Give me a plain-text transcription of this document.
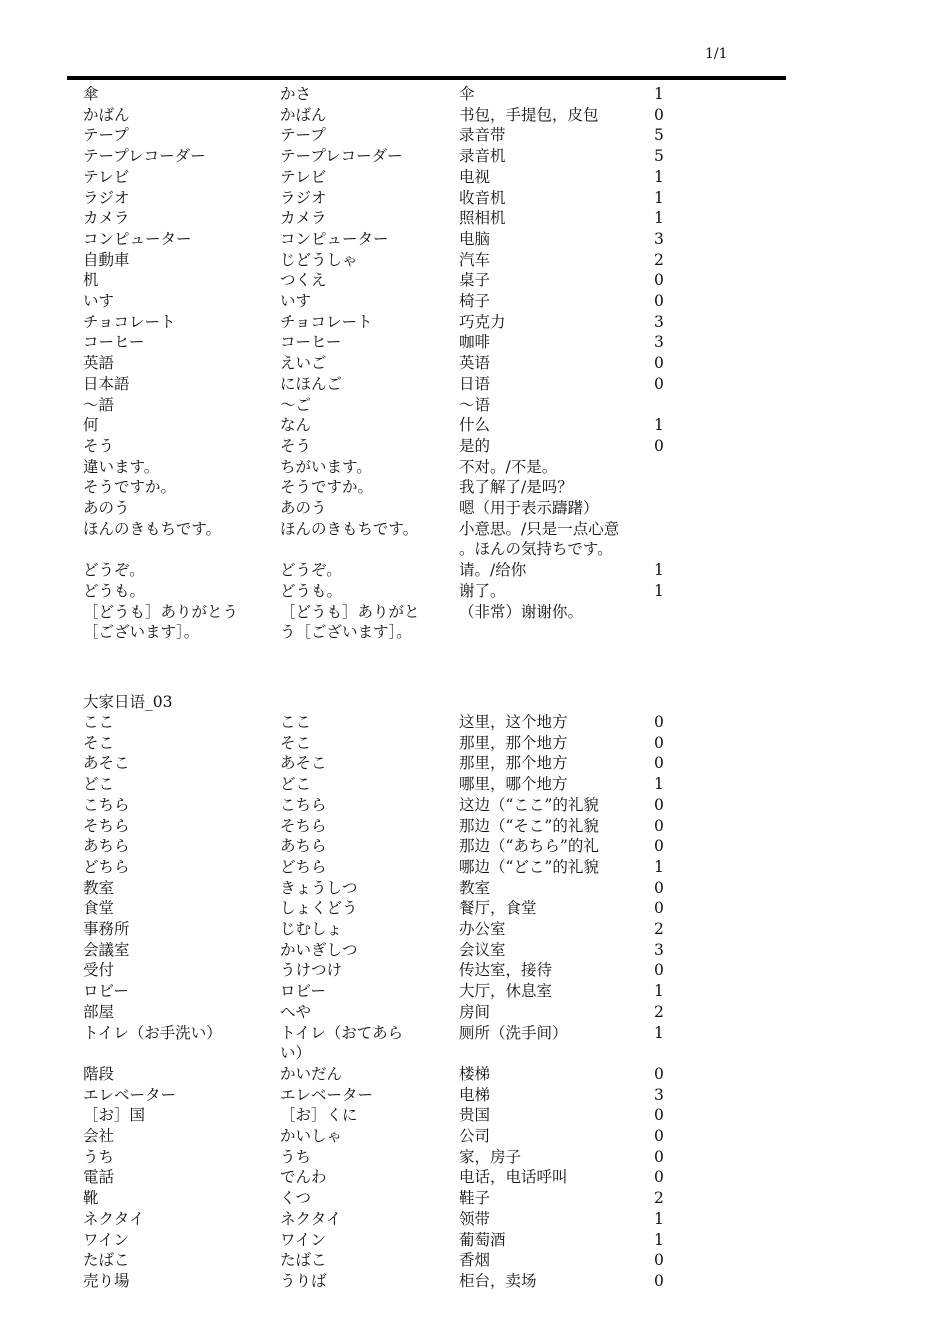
1/1
傘	かさ	伞	1
かばん	かばん	书包，手提包，皮包	0
テープ	テープ	录音带	5
テープレコーダー	テープレコーダー	录音机	5
テレビ	テレビ	电视	1
ラジオ	ラジオ	收音机	1
カメラ	カメラ	照相机	1
コンピューター	コンピューター	电脑	3
自動車	じどうしゃ	汽车	2
机	つくえ	桌子	0
いす	いす	椅子	0
チョコレート	チョコレート	巧克力	3
コーヒー	コーヒー	咖啡	3
英語	えいご	英语	0
日本語	にほんご	日语	0
～語	～ご	～语
何	なん	什么	1
そう	そう	是的	0
違います。	ちがいます。	不对。/不是。
そうですか。	そうですか。	我了解了/是吗？
あのう	あのう	嗯（用于表示躊躇）
ほんのきもちです。	ほんのきもちです。	小意思。/只是一点心意
。ほんの気持ちです。
どうぞ。	どうぞ。	请。/给你	1
どうも。	どうも。	谢了。	1
［どうも］ありがとう	［どうも］ありがと	（非常）谢谢你。
［ございます］。	う［ございます］。
ここ	ここ	这里，这个地方	0
そこ	そこ	那里，那个地方	0
あそこ	あそこ	那里，那个地方	0
どこ	どこ	哪里，哪个地方	1
こちら	こちら	这边（“ここ”的礼貌	0
そちら	そちら	那边（“そこ”的礼貌	0
あちら	あちら	那边（“あちら”的礼	0
どちら	どちら	哪边（“どこ”的礼貌	1
教室	きょうしつ	教室	0
食堂	しょくどう	餐厅，食堂	0
事務所	じむしょ	办公室	2
会議室	かいぎしつ	会议室	3
受付	うけつけ	传达室，接待	0
ロビー	ロビー	大厅，休息室	1
部屋	へや	房间	2
トイレ（お手洗い）	トイレ（おてあら	厕所（洗手间）	1
い）
階段	かいだん	楼梯	0
エレベーター	エレベーター	电梯	3
［お］国	［お］くに	贵国	0
会社	かいしゃ	公司	0
うち	うち	家，房子	0
電話	でんわ	电话，电话呼叫	0
靴	くつ	鞋子	2
ネクタイ	ネクタイ	领带	1
ワイン	ワイン	葡萄酒	1
たばこ	たばこ	香烟	0
売り場	うりば	柜台，卖场	0
大家日语_03
